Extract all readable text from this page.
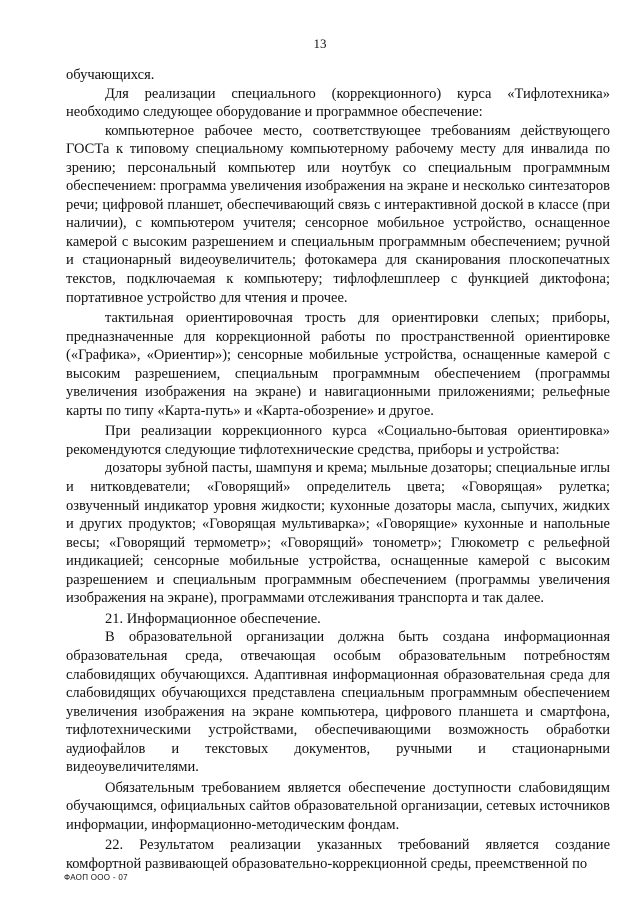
13

обучающихся.

Для реализации специального (коррекционного) курса «Тифлотехника» необходимо следующее оборудование и программное обеспечение:

компьютерное рабочее место, соответствующее требованиям действующего ГОСТа к типовому специальному компьютерному рабочему месту для инвалида по зрению; персональный компьютер или ноутбук со специальным программным обеспечением: программа увеличения изображения на экране и несколько синтезаторов речи; цифровой планшет, обеспечивающий связь с интерактивной доской в классе (при наличии), с компьютером учителя; сенсорное мобильное устройство, оснащенное камерой с высоким разрешением и специальным программным обеспечением; ручной и стационарный видеоувеличитель; фотокамера для сканирования плоскопечатных текстов, подключаемая к компьютеру; тифлофлешплеер с функцией диктофона; портативное устройство для чтения и прочее.

тактильная ориентировочная трость для ориентировки слепых; приборы, предназначенные для коррекционной работы по пространственной ориентировке («Графика», «Ориентир»); сенсорные мобильные устройства, оснащенные камерой с высоким разрешением, специальным программным обеспечением (программы увеличения изображения на экране) и навигационными приложениями; рельефные карты по типу «Карта-путь» и «Карта-обозрение» и другое.

При реализации коррекционного курса «Социально-бытовая ориентировка» рекомендуются следующие тифлотехнические средства, приборы и устройства:

дозаторы зубной пасты, шампуня и крема; мыльные дозаторы; специальные иглы и нитковдеватели; «Говорящий» определитель цвета; «Говорящая» рулетка; озвученный индикатор уровня жидкости; кухонные дозаторы масла, сыпучих, жидких и других продуктов; «Говорящая мультиварка»; «Говорящие» кухонные и напольные весы; «Говорящий термометр»; «Говорящий» тонометр»; Глюкометр с рельефной индикацией; сенсорные мобильные устройства, оснащенные камерой с высоким разрешением и специальным программным обеспечением (программы увеличения изображения на экране), программами отслеживания транспорта и так далее.

21. Информационное обеспечение.

В образовательной организации должна быть создана информационная образовательная среда, отвечающая особым образовательным потребностям слабовидящих обучающихся. Адаптивная информационная образовательная среда для слабовидящих обучающихся представлена специальным программным обеспечением увеличения изображения на экране компьютера, цифрового планшета и смартфона, тифлотехническими устройствами, обеспечивающими возможность обработки аудиофайлов и текстовых документов, ручными и стационарными видеоувеличителями.

Обязательным требованием является обеспечение доступности слабовидящим обучающимся, официальных сайтов образовательной организации, сетевых источников информации, информационно-методическим фондам.

22. Результатом реализации указанных требований является создание комфортной развивающей образовательно-коррекционной среды, преемственной по

ФАОП ООО - 07
